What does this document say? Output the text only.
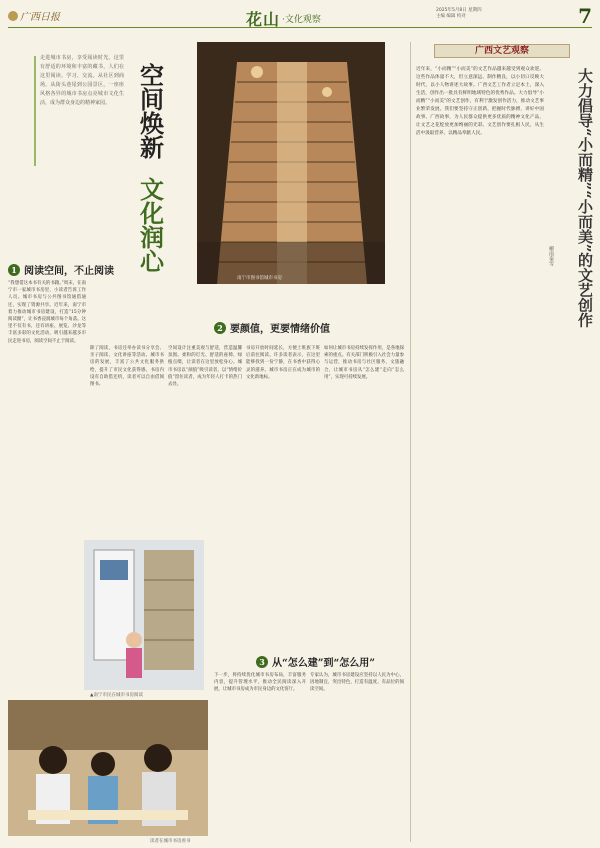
广西日报	花山 ·文化观察
2025年5月8日 星期四
主编 编辑 校对	7
走进城市书房，享受阅读时光。这里有舒适的环境和丰富的藏书，人们在这里阅读、学习、交流。从社区到商场，从街头巷尾到公园景区，一座座风格各异的城市书房点亮城市文化生活，成为群众身边的精神家园。	空间焕新
文化润心
南宁市图书馆城市书房
1 阅读空间，不止阅读
“我想借这本书有关的书籍。”周末，在南宁市一家城市书房里，小读者告诉工作人员。城市书房与公共图书馆通借通还，实现了资源共享。近年来，南宁市着力推动城市书房建设，打造“15分钟阅读圈”，让书香浸润城市每个角落。这里不仅有书，还有讲座、展览、沙龙等丰富多彩的文化活动，吸引越来越多市民走进书房，阅读空间不止于阅读。
2 要颜值，更要情绪价值
除了阅读，书房还举办读书分享会、亲子阅读、文化讲座等活动。城市书房的发展，丰富了公共文化服务供给，提升了市民文化获得感。书房内设有自助借还机，读者可以自由借阅图书。
空间设计注重美观与舒适，营造温馨氛围。柔和的灯光、舒适的座椅、绿植点缀，让读者在这里放松身心。城市书房以“颜值”吸引读者，以“情绪价值”留住读者，成为年轻人打卡的热门去处。
书房开放时间延长，方便上班族下班后前往阅读。许多读者表示，在这里能够找到一份宁静，在书香中获得心灵的滋养。城市书房正在成为城市的文化新地标。
如何让城市书房持续发挥作用，是各地探索的重点。有关部门积极引入社会力量参与运营，推动书房与社区服务、文旅融合，让城市书房从“怎么建”走向“怎么用”，实现可持续发展。
▲南宁市民在城市书房阅读
3 从“怎么建”到“怎么用”
下一步，将持续优化城市书房布局，丰富服务内容，提升管理水平，推动全民阅读深入开展，让城市书房成为市民身边的文化客厅。
专家认为，城市书房建设应坚持以人民为中心，因地制宜，突出特色，打造有温度、有品位的阅读空间。
读者在城市书房看书
广西文艺观察
大力倡导“小而精”“小而美”的文艺创作
柳南秦雪
近年来，“小而精”“小而美”的文艺作品越来越受到观众欢迎。这些作品体量不大，但立意深远、制作精良，以小切口反映大时代，以小人物讲述大故事。广西文艺工作者立足本土，深入生活，创作出一批具有鲜明地域特色的优秀作品。大力倡导“小而精”“小而美”的文艺创作，有利于激发创作活力，推动文艺事业繁荣发展。我们要坚持守正创新，把握时代脉搏，讲好中国故事、广西故事，为人民群众提供更多优质的精神文化产品，让文艺之花绽放更加绚丽的光彩。文艺创作要扎根人民，从生活中汲取营养，以精品奉献人民。
